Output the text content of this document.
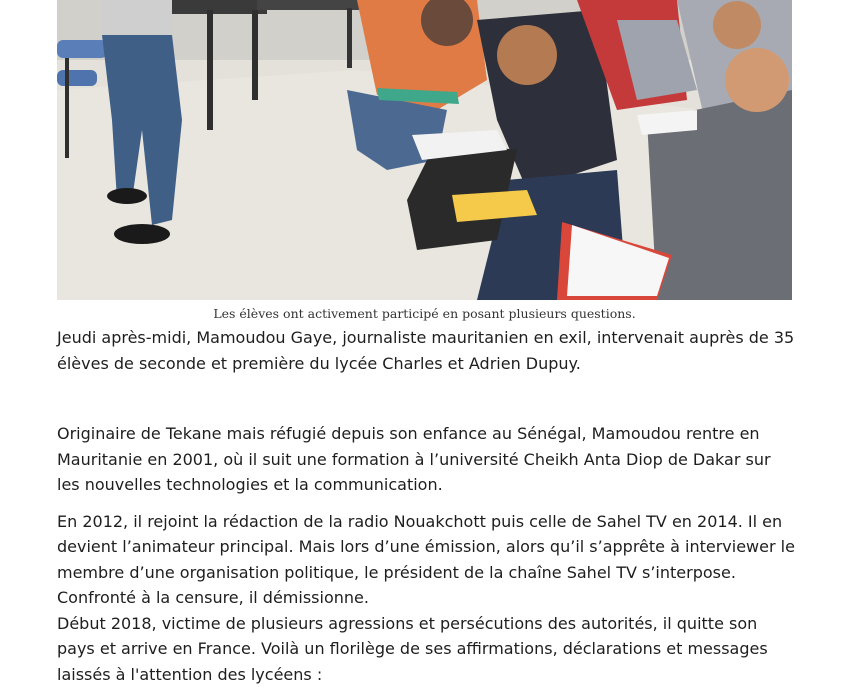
Les élèves ont activement participé en posant plusieurs questions.

Jeudi après-midi, Mamoudou Gaye, journaliste mauritanien en exil, intervenait auprès de 35 élèves de seconde et première du lycée Charles et Adrien Dupuy.

Originaire de Tekane mais réfugié depuis son enfance au Sénégal, Mamoudou rentre en Mauritanie en 2001, où il suit une formation à l’université Cheikh Anta Diop de Dakar sur les nouvelles technologies et la communication.

En 2012, il rejoint la rédaction de la radio Nouakchott puis celle de Sahel TV en 2014. Il en devient l’animateur principal. Mais lors d’une émission, alors qu’il s’apprête à interviewer le membre d’une organisation politique, le président de la chaîne Sahel TV s’interpose. Confronté à la censure, il démissionne.

Début 2018, victime de plusieurs agressions et persécutions des autorités, il quitte son pays et arrive en France. Voilà un florilège de ses affirmations, déclarations et messages laissés à l'attention des lycéens :
